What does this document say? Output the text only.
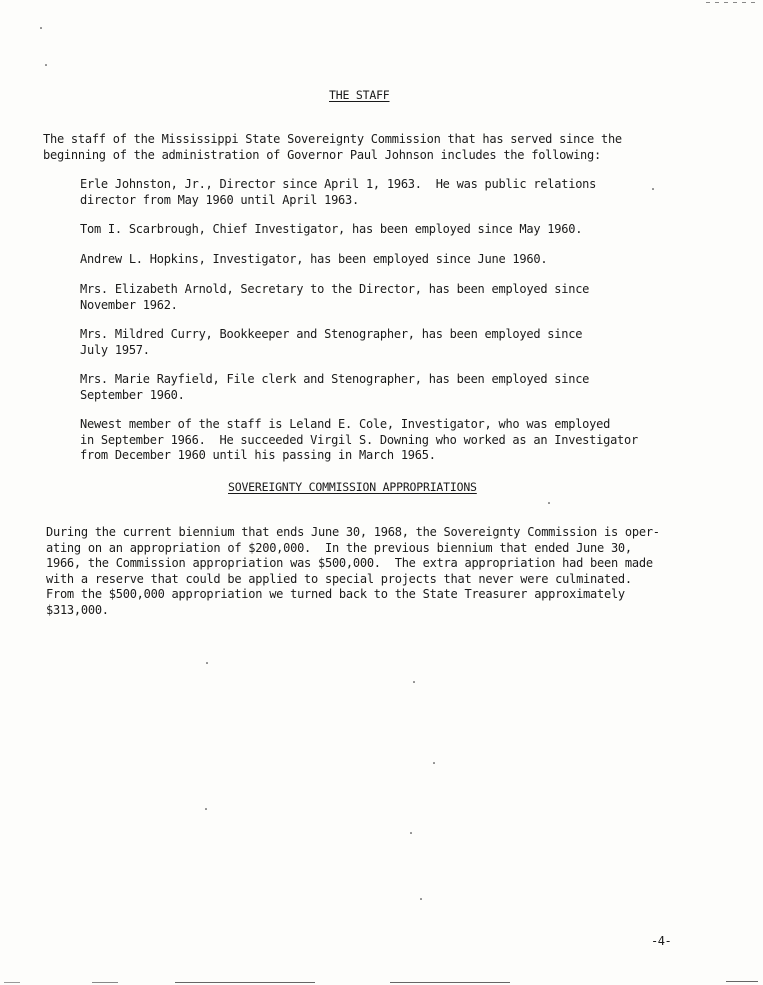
THE STAFF
The staff of the Mississippi State Sovereignty Commission that has served since the
beginning of the administration of Governor Paul Johnson includes the following:
Erle Johnston, Jr., Director since April 1, 1963.  He was public relations
director from May 1960 until April 1963.
Tom I. Scarbrough, Chief Investigator, has been employed since May 1960.
Andrew L. Hopkins, Investigator, has been employed since June 1960.
Mrs. Elizabeth Arnold, Secretary to the Director, has been employed since
November 1962.
Mrs. Mildred Curry, Bookkeeper and Stenographer, has been employed since
July 1957.
Mrs. Marie Rayfield, File clerk and Stenographer, has been employed since
September 1960.
Newest member of the staff is Leland E. Cole, Investigator, who was employed
in September 1966.  He succeeded Virgil S. Downing who worked as an Investigator
from December 1960 until his passing in March 1965.
SOVEREIGNTY COMMISSION APPROPRIATIONS
During the current biennium that ends June 30, 1968, the Sovereignty Commission is oper-
ating on an appropriation of $200,000.  In the previous biennium that ended June 30,
1966, the Commission appropriation was $500,000.  The extra appropriation had been made
with a reserve that could be applied to special projects that never were culminated.
From the $500,000 appropriation we turned back to the State Treasurer approximately
$313,000.
-4-
